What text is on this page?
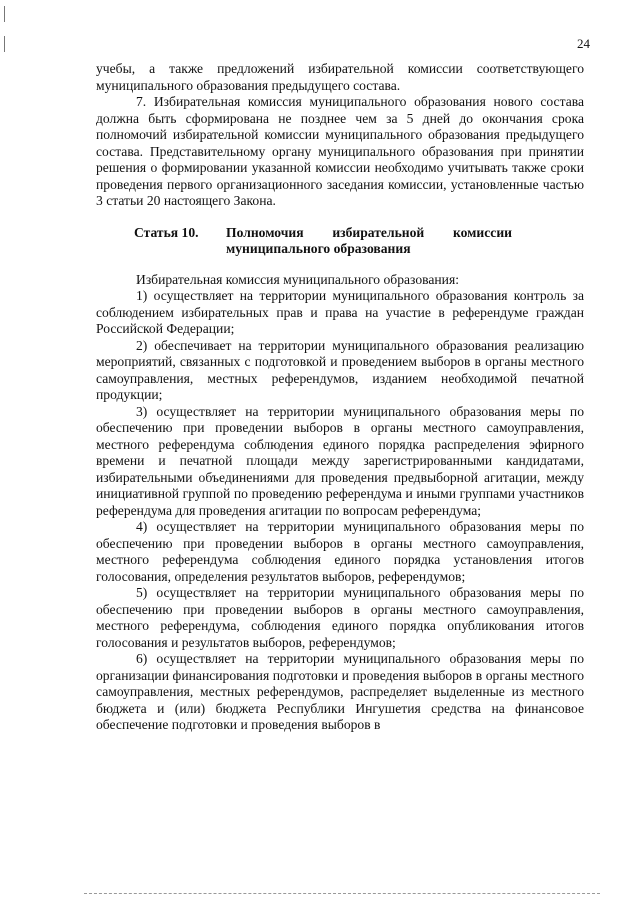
24

учебы, а также предложений избирательной комиссии соответствующего муниципального образования предыдущего состава.

7. Избирательная комиссия муниципального образования нового состава должна быть сформирована не позднее чем за 5 дней до окончания срока полномочий избирательной комиссии муниципального образования предыдущего состава. Представительному органу муниципального образования при принятии решения о формировании указанной комиссии необходимо учитывать также сроки проведения первого организационного заседания комиссии, установленные частью 3 статьи 20 настоящего Закона.

Статья 10.	Полномочия избирательной комиссии
муниципального образования

Избирательная комиссия муниципального образования:

1) осуществляет на территории муниципального образования контроль за соблюдением избирательных прав и права на участие в референдуме граждан Российской Федерации;

2) обеспечивает на территории муниципального образования реализацию мероприятий, связанных с подготовкой и проведением выборов в органы местного самоуправления, местных референдумов, изданием необходимой печатной продукции;

3) осуществляет на территории муниципального образования меры по обеспечению при проведении выборов в органы местного самоуправления, местного референдума соблюдения единого порядка распределения эфирного времени и печатной площади между зарегистрированными кандидатами, избирательными объединениями для проведения предвыборной агитации, между инициативной группой по проведению референдума и иными группами участников референдума для проведения агитации по вопросам референдума;

4) осуществляет на территории муниципального образования меры по обеспечению при проведении выборов в органы местного самоуправления, местного референдума соблюдения единого порядка установления итогов голосования, определения результатов выборов, референдумов;

5) осуществляет на территории муниципального образования меры по обеспечению при проведении выборов в органы местного самоуправления, местного референдума, соблюдения единого порядка опубликования итогов голосования и результатов выборов, референдумов;

6) осуществляет на территории муниципального образования меры по организации финансирования подготовки и проведения выборов в органы местного самоуправления, местных референдумов, распределяет выделенные из местного бюджета и (или) бюджета Республики Ингушетия средства на финансовое обеспечение подготовки и проведения выборов в
